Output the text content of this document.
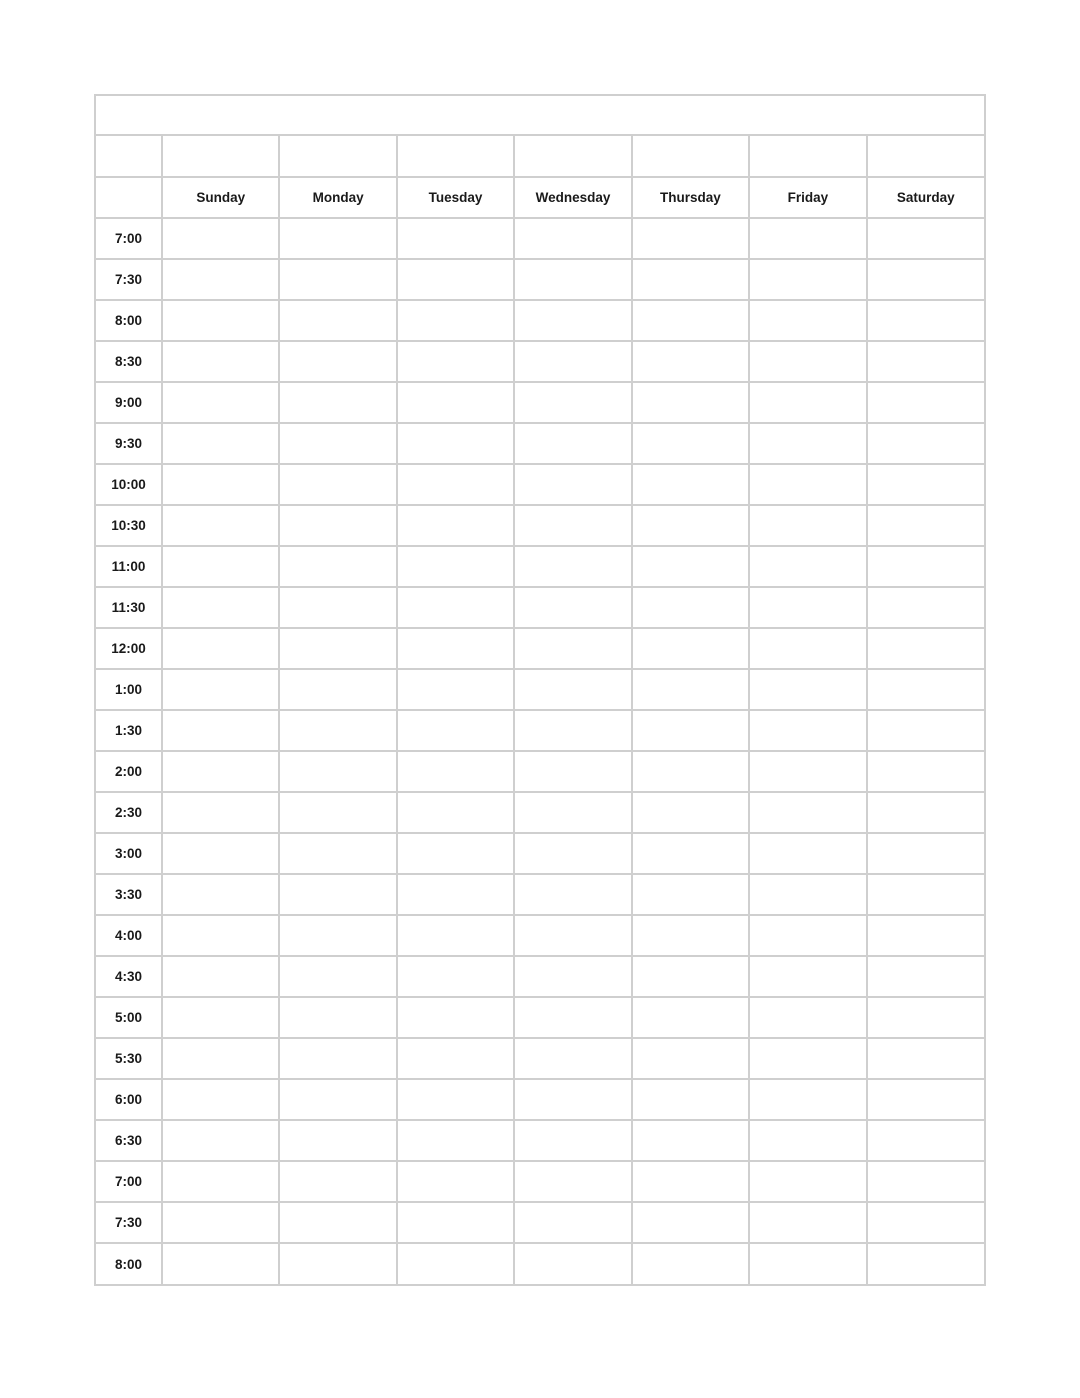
	Sunday	Monday	Tuesday	Wednesday	Thursday	Friday	Saturday
7:00							
7:30							
8:00							
8:30							
9:00							
9:30							
10:00							
10:30							
11:00							
11:30							
12:00							
1:00							
1:30							
2:00							
2:30							
3:00							
3:30							
4:00							
4:30							
5:00							
5:30							
6:00							
6:30							
7:00							
7:30							
8:00							
